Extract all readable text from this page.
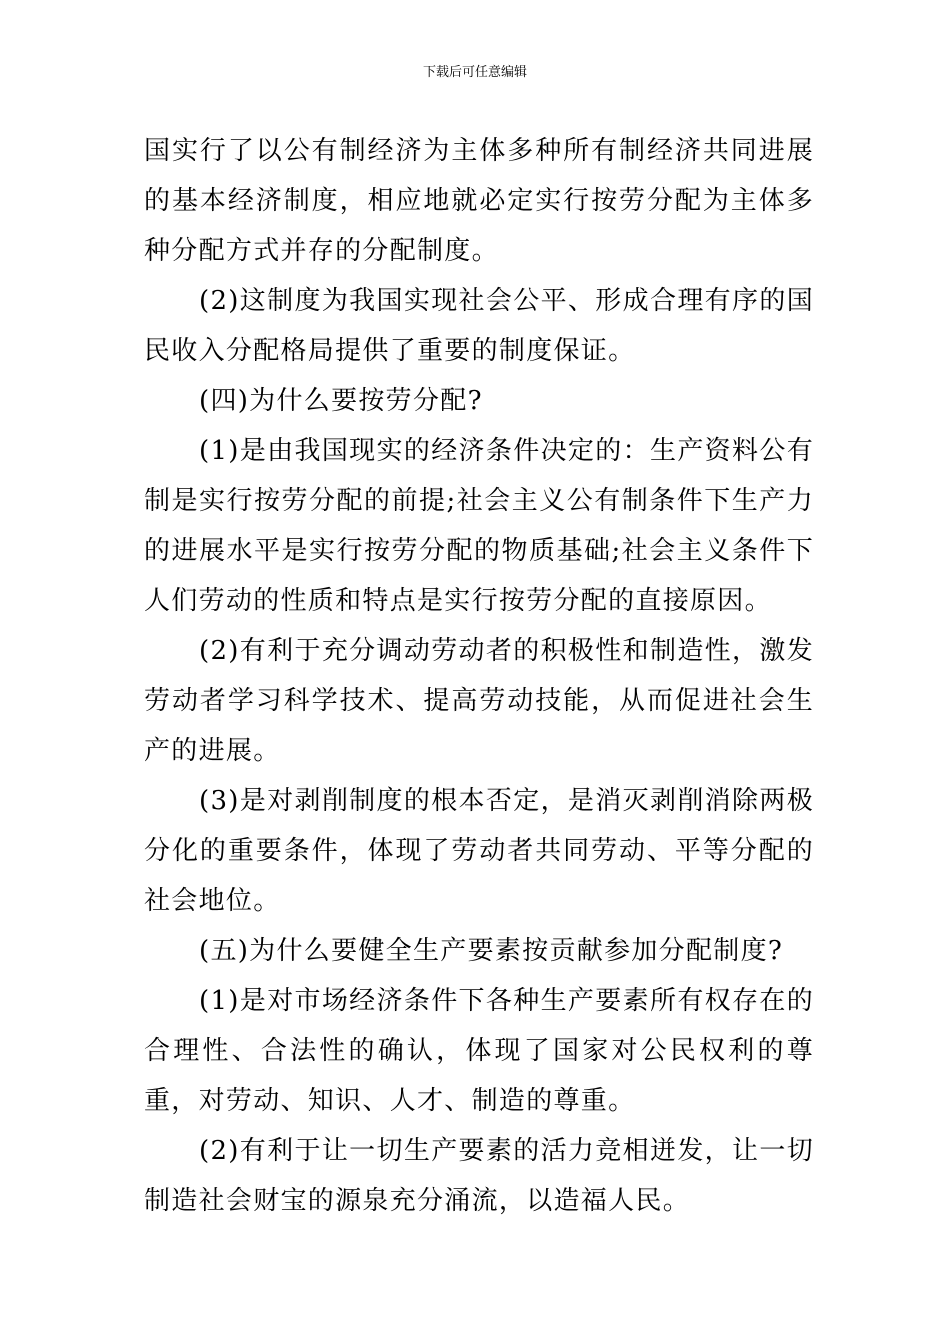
下载后可任意编辑

国实行了以公有制经济为主体多种所有制经济共同进展的基本经济制度，相应地就必定实行按劳分配为主体多种分配方式并存的分配制度。

(2)这制度为我国实现社会公平、形成合理有序的国民收入分配格局提供了重要的制度保证。

(四)为什么要按劳分配?

(1)是由我国现实的经济条件决定的：生产资料公有制是实行按劳分配的前提;社会主义公有制条件下生产力的进展水平是实行按劳分配的物质基础;社会主义条件下人们劳动的性质和特点是实行按劳分配的直接原因。

(2)有利于充分调动劳动者的积极性和制造性，激发劳动者学习科学技术、提高劳动技能，从而促进社会生产的进展。

(3)是对剥削制度的根本否定，是消灭剥削消除两极分化的重要条件，体现了劳动者共同劳动、平等分配的社会地位。

(五)为什么要健全生产要素按贡献参加分配制度?

(1)是对市场经济条件下各种生产要素所有权存在的合理性、合法性的确认，体现了国家对公民权利的尊重，对劳动、知识、人才、制造的尊重。

(2)有利于让一切生产要素的活力竞相迸发，让一切制造社会财宝的源泉充分涌流，以造福人民。
